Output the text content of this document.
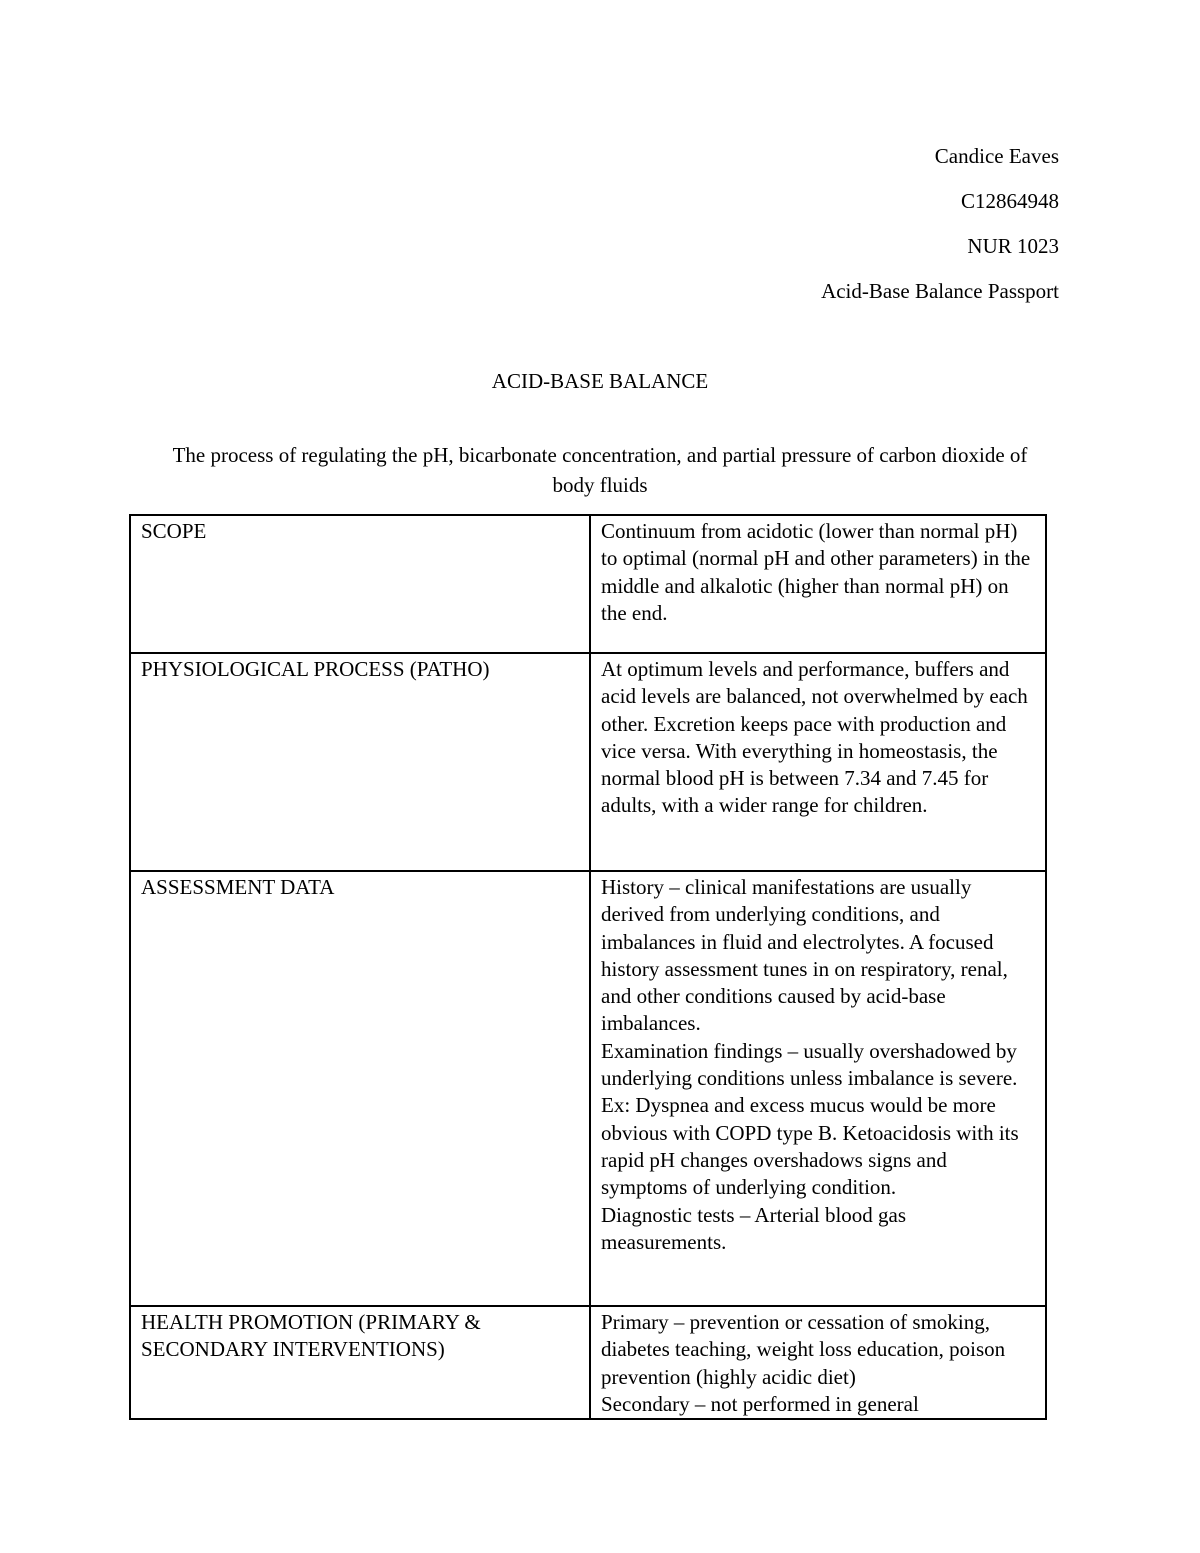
Candice Eaves
C12864948
NUR 1023
Acid-Base Balance Passport
ACID-BASE BALANCE
The process of regulating the pH, bicarbonate concentration, and partial pressure of carbon dioxide of body fluids
SCOPE	Continuum from acidotic (lower than normal pH) to optimal (normal pH and other parameters) in the middle and alkalotic (higher than normal pH) on the end.

PHYSIOLOGICAL PROCESS (PATHO)	At optimum levels and performance, buffers and acid levels are balanced, not overwhelmed by each other. Excretion keeps pace with production and vice versa. With everything in homeostasis, the normal blood pH is between 7.34 and 7.45 for adults, with a wider range for children.

ASSESSMENT DATA	History – clinical manifestations are usually derived from underlying conditions, and imbalances in fluid and electrolytes. A focused history assessment tunes in on respiratory, renal, and other conditions caused by acid-base imbalances.
Examination findings – usually overshadowed by underlying conditions unless imbalance is severe. Ex: Dyspnea and excess mucus would be more obvious with COPD type B. Ketoacidosis with its rapid pH changes overshadows signs and symptoms of underlying condition.
Diagnostic tests – Arterial blood gas measurements.

HEALTH PROMOTION (PRIMARY & SECONDARY INTERVENTIONS)	Primary – prevention or cessation of smoking, diabetes teaching, weight loss education, poison prevention (highly acidic diet)
Secondary – not performed in general
